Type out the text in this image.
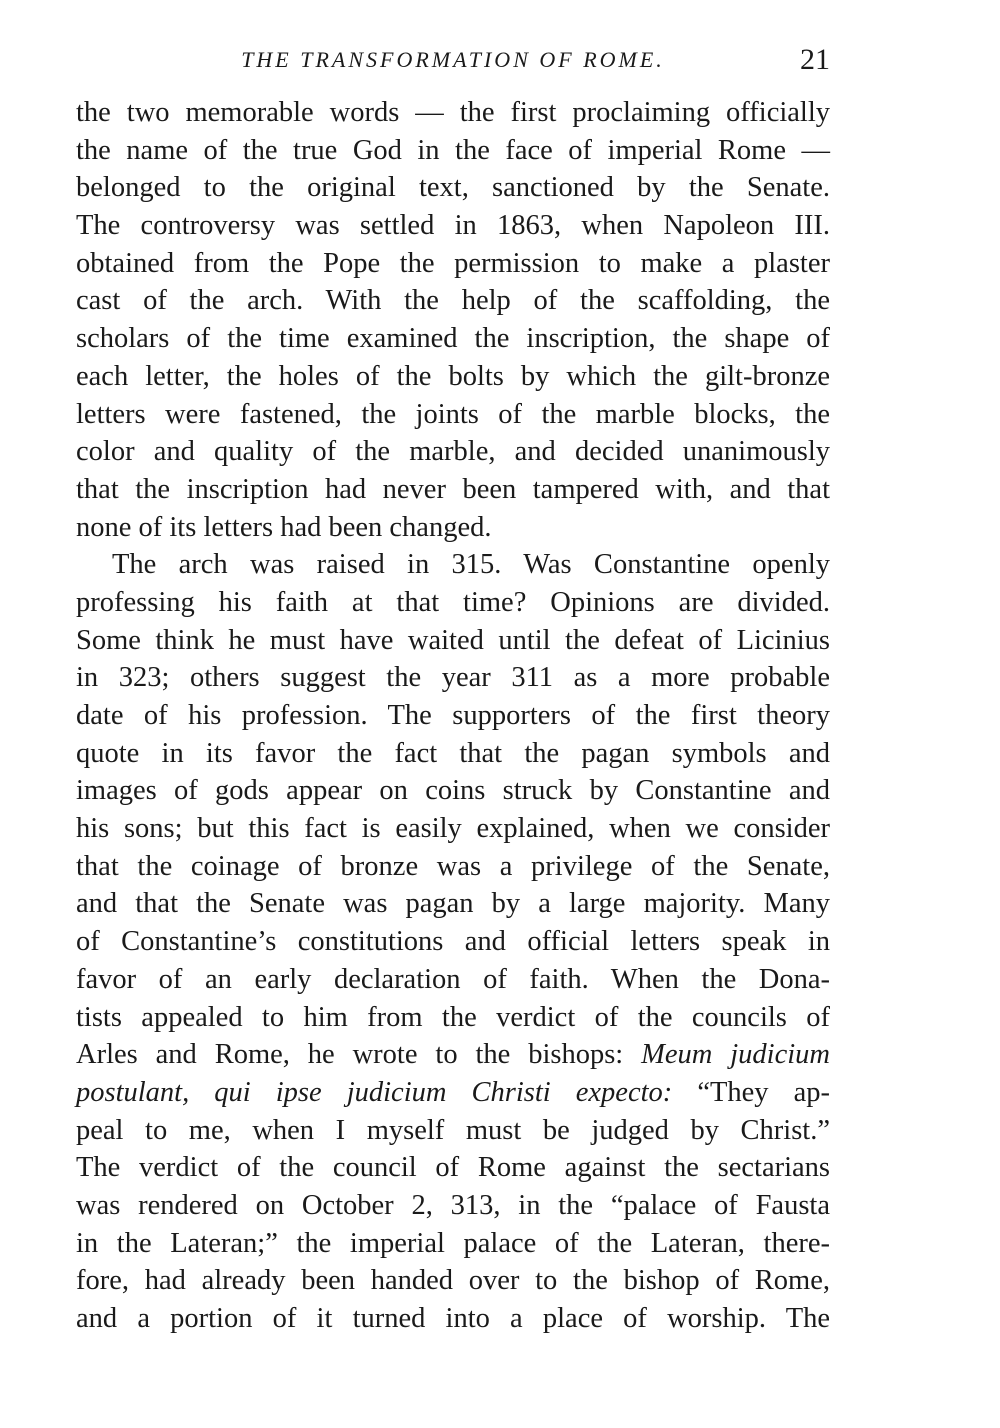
THE TRANSFORMATION OF ROME.	21
the two memorable words — the first proclaiming officially
the name of the true God in the face of imperial Rome —
belonged to the original text, sanctioned by the Senate.
The controversy was settled in 1863, when Napoleon III.
obtained from the Pope the permission to make a plaster
cast of the arch. With the help of the scaffolding, the
scholars of the time examined the inscription, the shape of
each letter, the holes of the bolts by which the gilt-bronze
letters were fastened, the joints of the marble blocks, the
color and quality of the marble, and decided unanimously
that the inscription had never been tampered with, and that
none of its letters had been changed.
The arch was raised in 315. Was Constantine openly
professing his faith at that time? Opinions are divided.
Some think he must have waited until the defeat of Licinius
in 323; others suggest the year 311 as a more probable
date of his profession. The supporters of the first theory
quote in its favor the fact that the pagan symbols and
images of gods appear on coins struck by Constantine and
his sons; but this fact is easily explained, when we consider
that the coinage of bronze was a privilege of the Senate,
and that the Senate was pagan by a large majority. Many
of Constantine’s constitutions and official letters speak in
favor of an early declaration of faith. When the Dona-
tists appealed to him from the verdict of the councils of
Arles and Rome, he wrote to the bishops: Meum judicium
postulant, qui ipse judicium Christi expecto: “They ap-
peal to me, when I myself must be judged by Christ.”
The verdict of the council of Rome against the sectarians
was rendered on October 2, 313, in the “palace of Fausta
in the Lateran;” the imperial palace of the Lateran, there-
fore, had already been handed over to the bishop of Rome,
and a portion of it turned into a place of worship. The
